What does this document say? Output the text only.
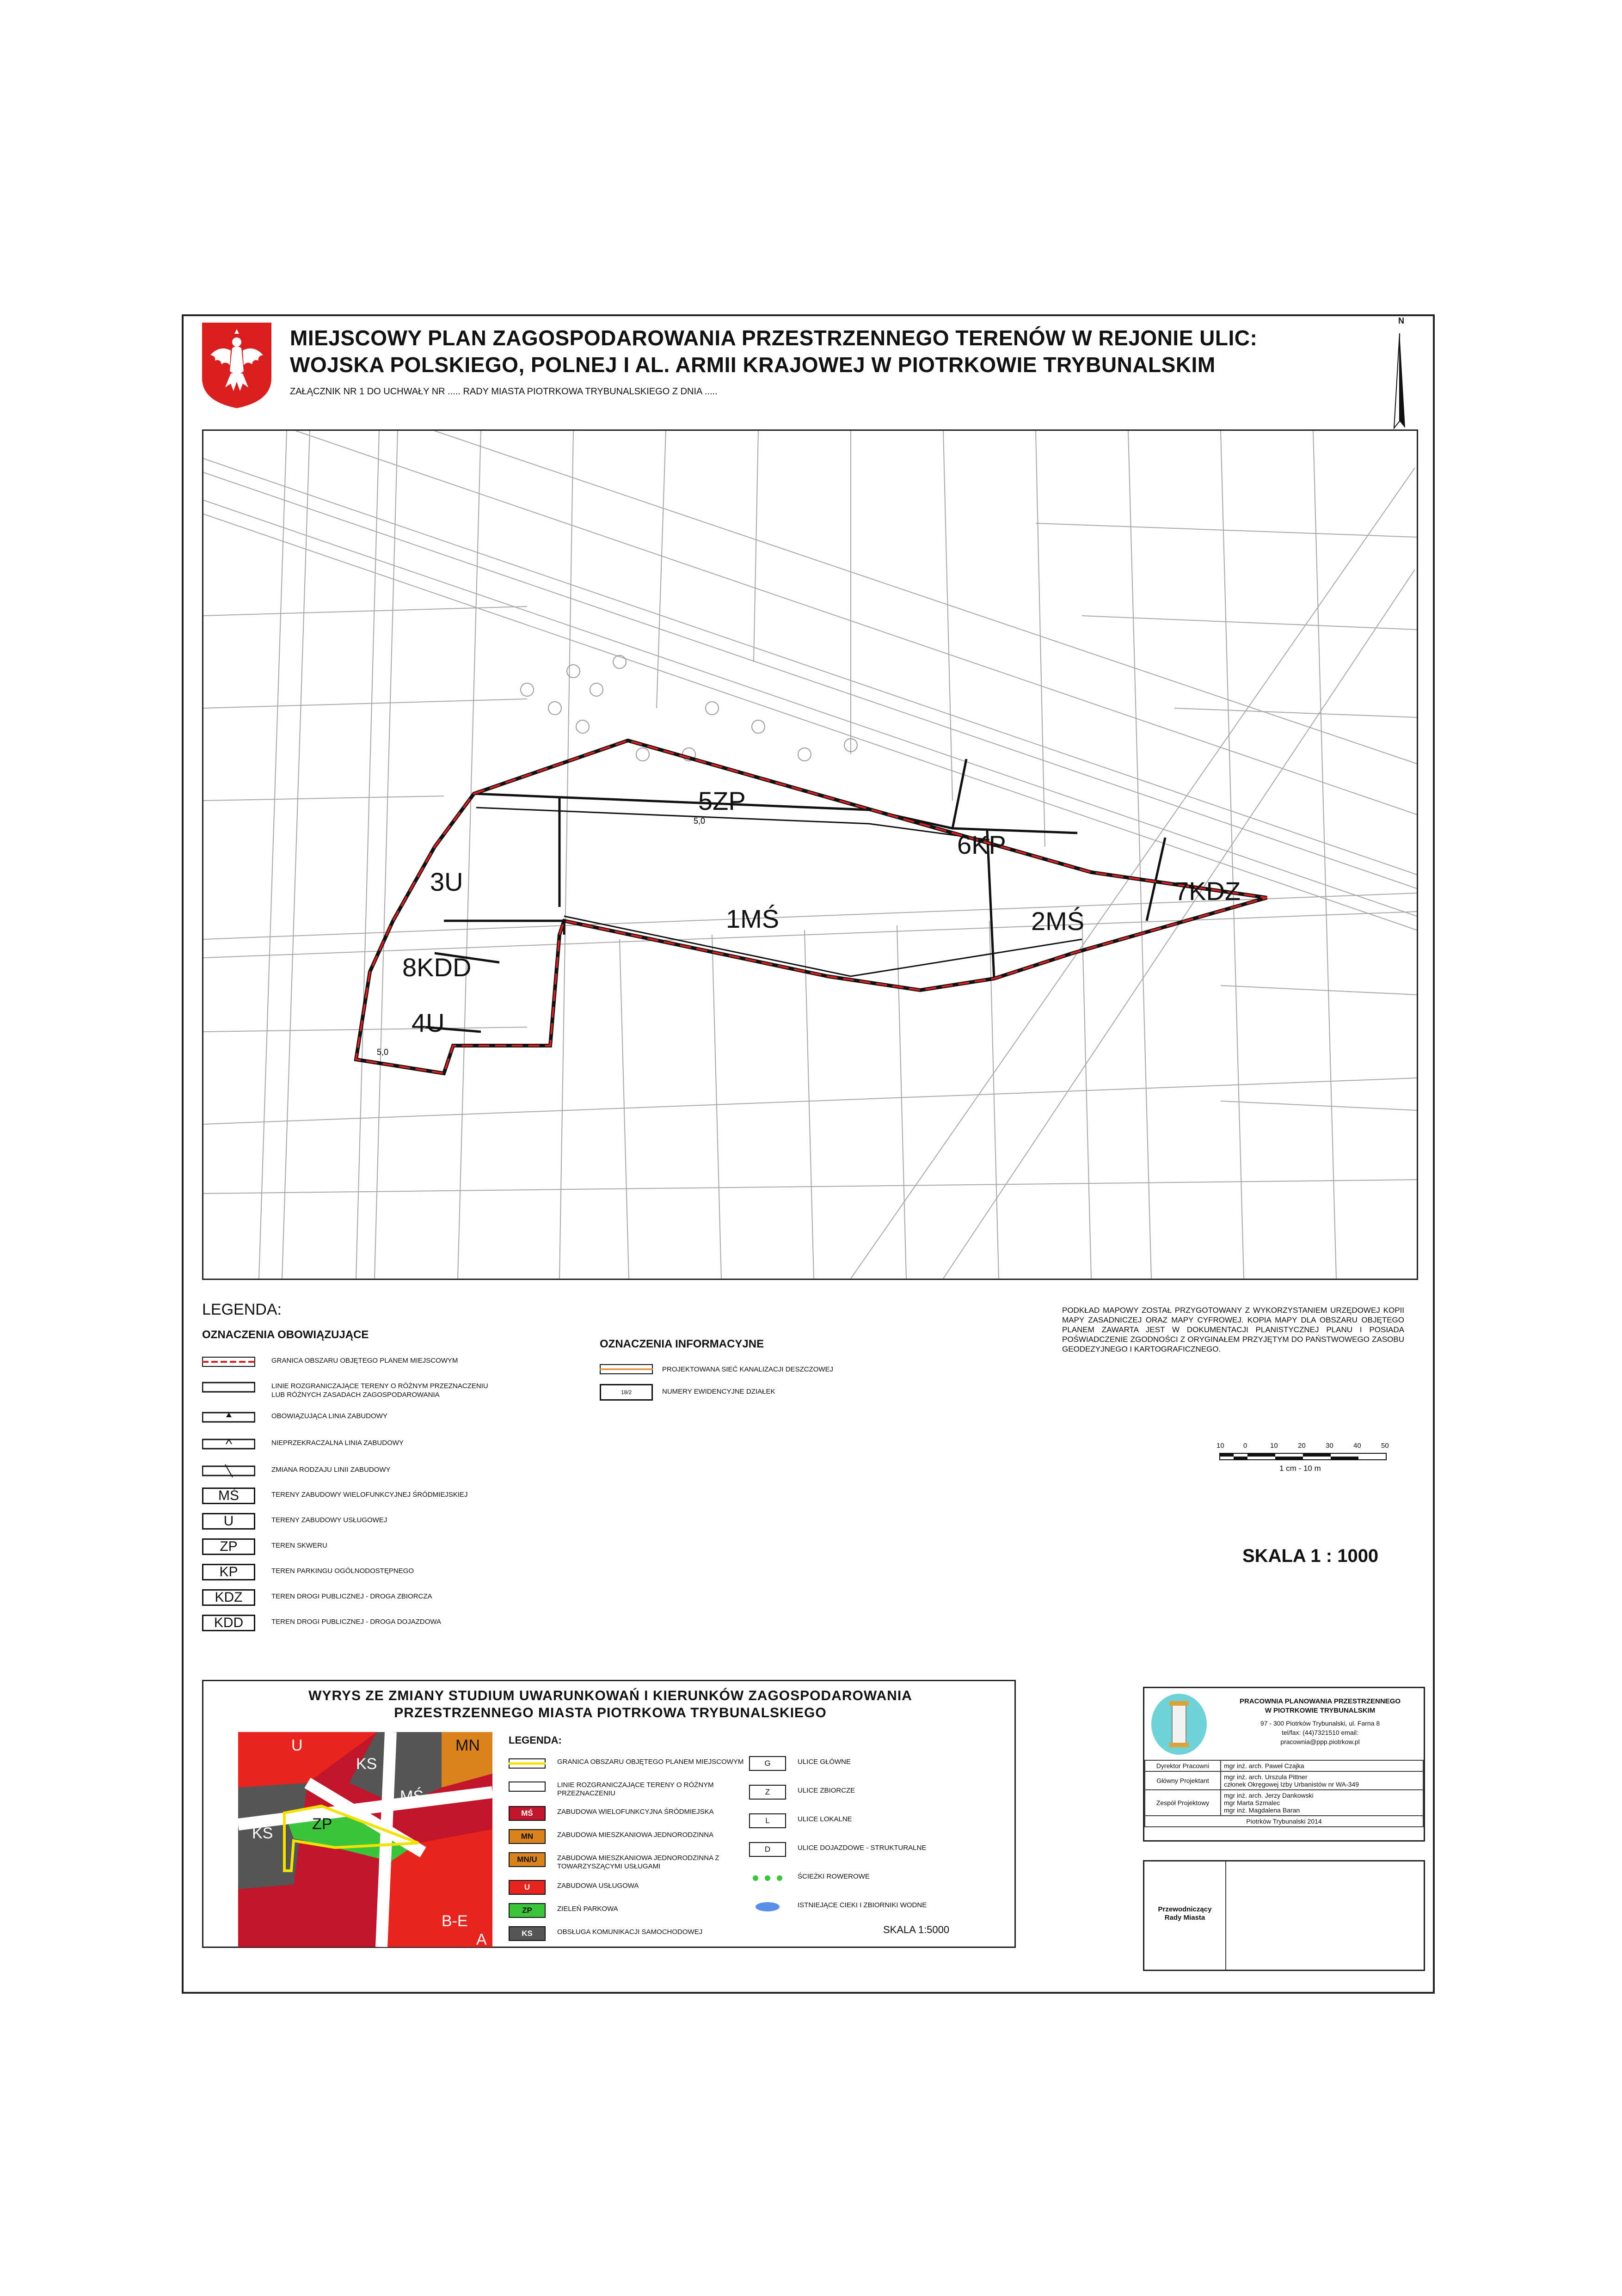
MIEJSCOWY PLAN ZAGOSPODAROWANIA PRZESTRZENNEGO TERENÓW W REJONIE ULIC:
WOJSKA POLSKIEGO, POLNEJ I AL. ARMII KRAJOWEJ W PIOTRKOWIE TRYBUNALSKIM
ZAŁĄCZNIK NR 1 DO UCHWAŁY NR ..... RADY MIASTA PIOTRKOWA TRYBUNALSKIEGO Z DNIA .....
N
5ZP
6KP
3U
1MŚ	2MŚ
7KDZ
8KDD
4U
5,0
5,0
LEGENDA:
OZNACZENIA OBOWIĄZUJĄCE
GRANICA OBSZARU OBJĘTEGO PLANEM MIEJSCOWYM
LINIE ROZGRANICZAJĄCE TERENY O RÓŻNYM PRZEZNACZENIU
LUB RÓŻNYCH ZASADACH ZAGOSPODAROWANIA
OBOWIĄZUJĄCA LINIA ZABUDOWY
NIEPRZEKRACZALNA LINIA ZABUDOWY
ZMIANA RODZAJU LINII ZABUDOWY
MŚ	TERENY ZABUDOWY WIELOFUNKCYJNEJ ŚRÓDMIEJSKIEJ
U	TERENY ZABUDOWY USŁUGOWEJ
ZP	TEREN SKWERU
KP	TEREN PARKINGU OGÓLNODOSTĘPNEGO
KDZ	TEREN DROGI PUBLICZNEJ - DROGA ZBIORCZA
KDD	TEREN DROGI PUBLICZNEJ - DROGA DOJAZDOWA
OZNACZENIA INFORMACYJNE
PROJEKTOWANA SIEĆ KANALIZACJI DESZCZOWEJ
18/2	NUMERY EWIDENCYJNE DZIAŁEK
PODKŁAD MAPOWY ZOSTAŁ PRZYGOTOWANY Z WYKORZYSTANIEM URZĘDOWEJ KOPII MAPY ZASADNICZEJ ORAZ MAPY CYFROWEJ. KOPIA MAPY DLA OBSZARU OBJĘTEGO PLANEM ZAWARTA JEST W DOKUMENTACJI PLANISTYCZNEJ PLANU I POSIADA POŚWIADCZENIE ZGODNOŚCI Z ORYGINAŁEM PRZYJĘTYM DO PAŃSTWOWEGO ZASOBU GEODEZYJNEGO I KARTOGRAFICZNEGO.
10	0	10	20	30	40	50
1 cm - 10 m
SKALA 1 : 1000
WYRYS ZE ZMIANY STUDIUM UWARUNKOWAŃ I KIERUNKÓW ZAGOSPODAROWANIA
PRZESTRZENNEGO MIASTA PIOTRKOWA TRYBUNALSKIEGO
U
KS
MN
KS
MŚ
ZP
B-E
A
LEGENDA:
GRANICA OBSZARU OBJĘTEGO PLANEM MIEJSCOWYM
LINIE ROZGRANICZAJĄCE TERENY O RÓŻNYM PRZEZNACZENIU
MŚ	ZABUDOWA WIELOFUNKCYJNA ŚRÓDMIEJSKA
MN	ZABUDOWA MIESZKANIOWA JEDNORODZINNA
MN/U	ZABUDOWA MIESZKANIOWA JEDNORODZINNA Z TOWARZYSZĄCYMI USŁUGAMI
U	ZABUDOWA USŁUGOWA
ZP	ZIELEŃ PARKOWA
KS	OBSŁUGA KOMUNIKACJI SAMOCHODOWEJ
G	ULICE GŁÓWNE
Z	ULICE ZBIORCZE
L	ULICE LOKALNE
D	ULICE DOJAZDOWE - STRUKTURALNE
ŚCIEŻKI ROWEROWE
ISTNIEJĄCE CIEKI I ZBIORNIKI WODNE
SKALA 1:5000
PRACOWNIA PLANOWANIA PRZESTRZENNEGO
W PIOTRKOWIE TRYBUNALSKIM
97 - 300 Piotrków Trybunalski, ul. Farna 8
tel/fax: (44)7321510 email:
pracownia@ppp.piotrkow.pl
Dyrektor Pracowni	mgr inż. arch. Paweł Czajka
Główny Projektant	mgr inż. arch. Urszula Pittner
członek Okręgowej Izby Urbanistów nr WA-349
Zespół Projektowy	mgr inż. arch. Jerzy Dankowski
mgr Marta Szmalec
mgr inż. Magdalena Baran
Piotrków Trybunalski 2014	
Przewodniczący
Rady Miasta
